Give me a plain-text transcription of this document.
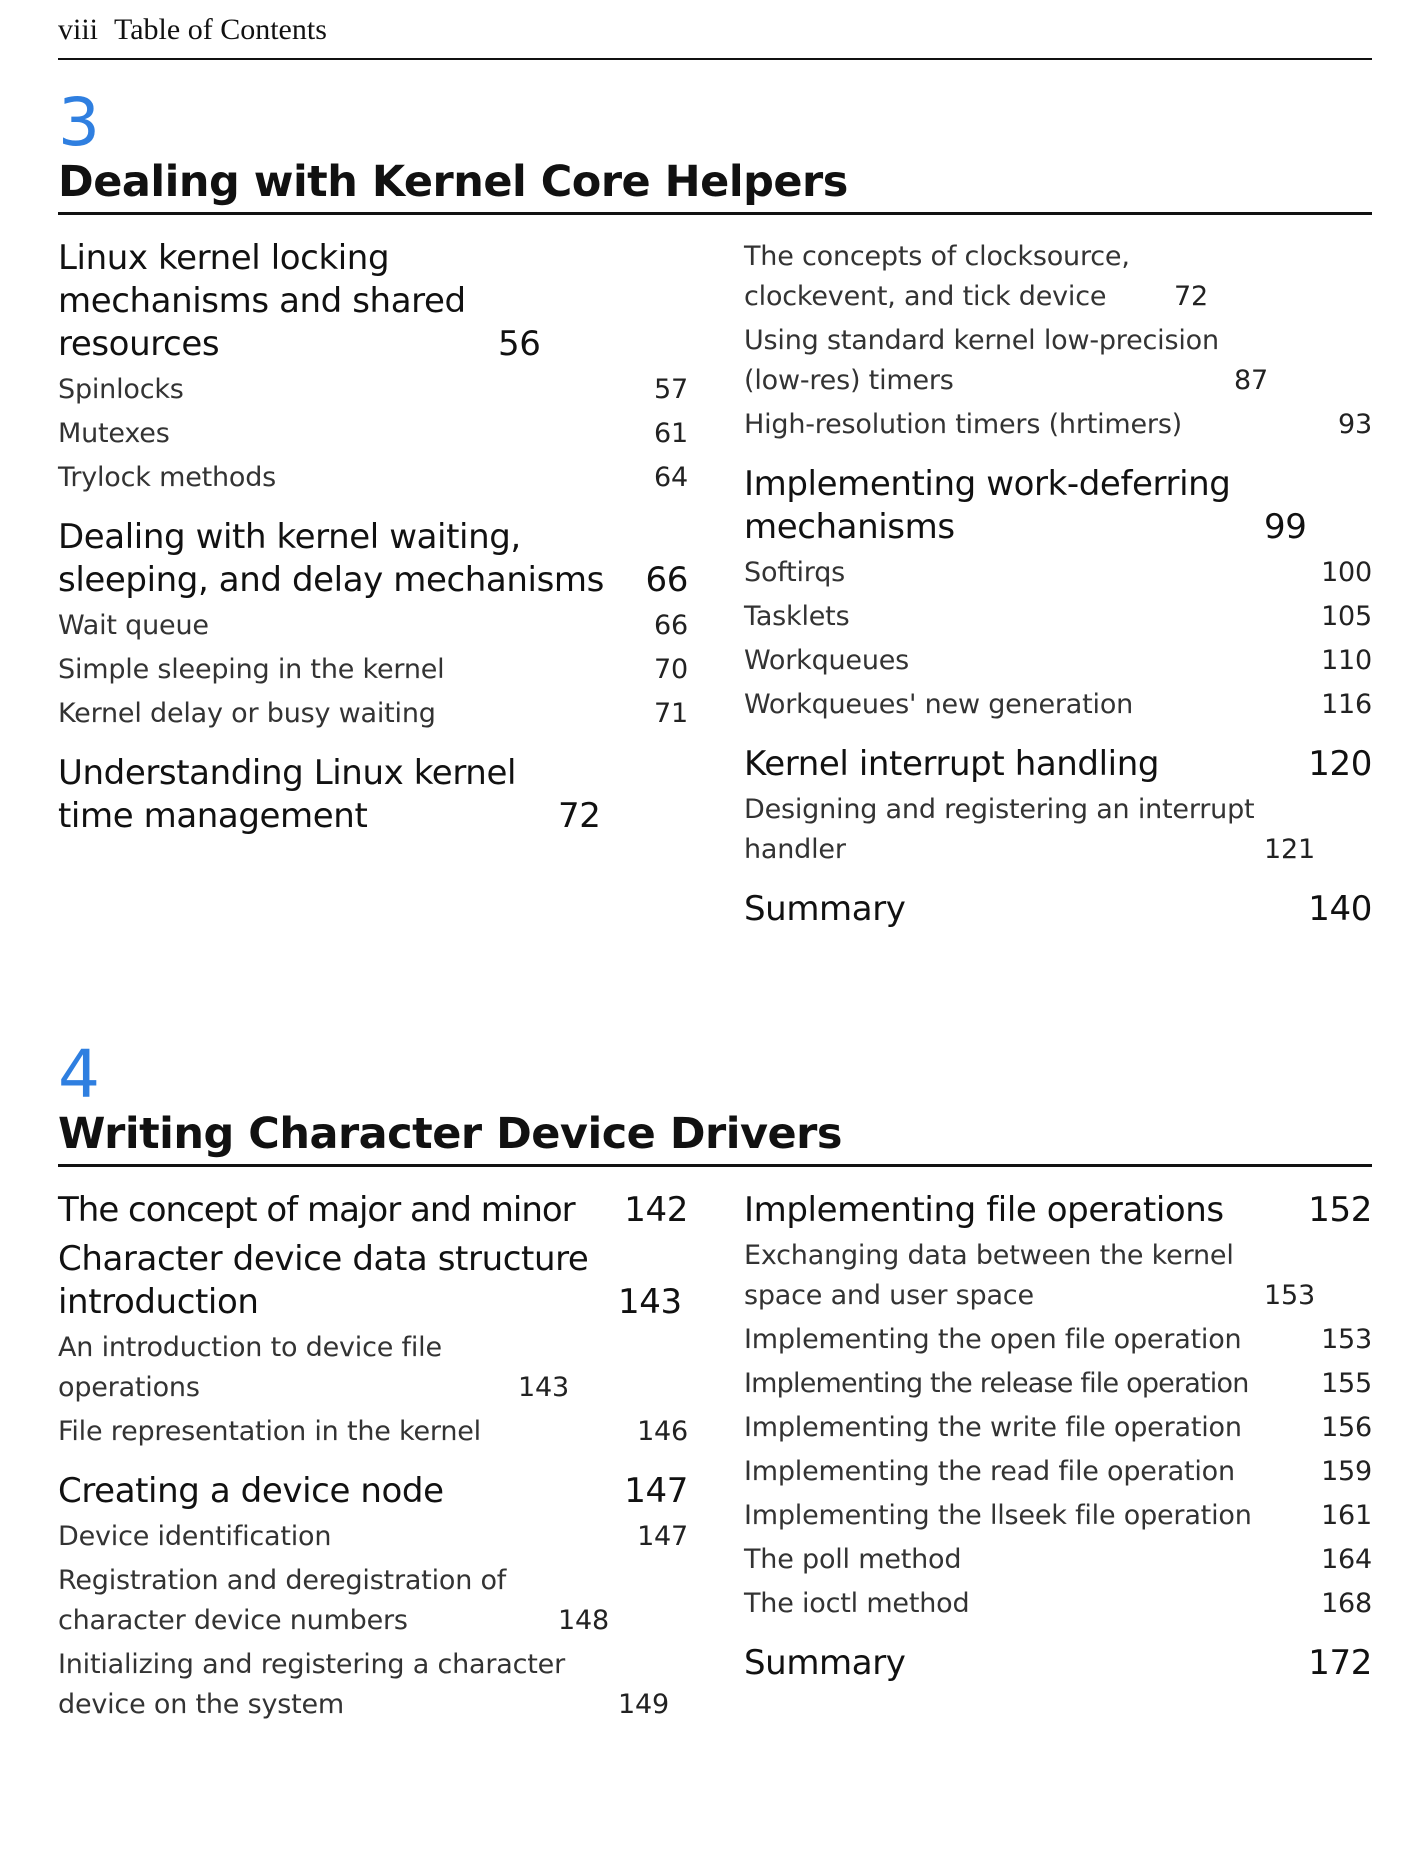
viii Table of Contents
3
Dealing with Kernel Core Helpers
Linux kernel locking mechanisms and shared resources	56
Spinlocks	57
Mutexes	61
Trylock methods	64
Dealing with kernel waiting, sleeping, and delay mechanisms	66
Wait queue	66
Simple sleeping in the kernel	70
Kernel delay or busy waiting	71
Understanding Linux kernel time management	72
The concepts of clocksource, clockevent, and tick device	72
Using standard kernel low-precision (low-res) timers	87
High-resolution timers (hrtimers)	93
Implementing work-deferring mechanisms	99
Softirqs	100
Tasklets	105
Workqueues	110
Workqueues' new generation	116
Kernel interrupt handling	120
Designing and registering an interrupt handler	121
Summary	140
4
Writing Character Device Drivers
The concept of major and minor	142
Character device data structure introduction	143
An introduction to device file operations	143
File representation in the kernel	146
Creating a device node	147
Device identification	147
Registration and deregistration of character device numbers	148
Initializing and registering a character device on the system	149
Implementing file operations	152
Exchanging data between the kernel space and user space	153
Implementing the open file operation	153
Implementing the release file operation	155
Implementing the write file operation	156
Implementing the read file operation	159
Implementing the llseek file operation	161
The poll method	164
The ioctl method	168
Summary	172
